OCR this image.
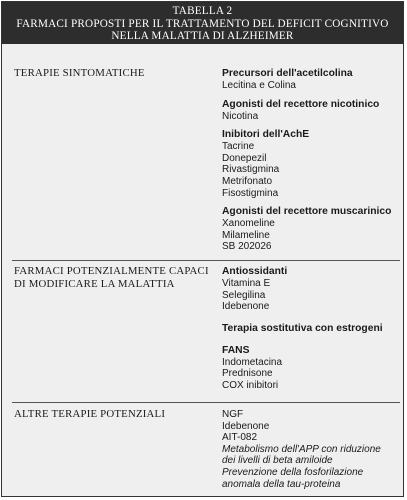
TABELLA 2
FARMACI PROPOSTI PER IL TRATTAMENTO DEL DEFICIT COGNITIVO
NELLA MALATTIA DI ALZHEIMER
TERAPIE SINTOMATICHE	Precursori dell'acetilcolina
Lecitina e Colina
Agonisti del recettore nicotinico
Nicotina
Inibitori dell'AchE
Tacrine
Donepezil
Rivastigmina
Metrifonato
Fisostigmina
Agonisti del recettore muscarinico
Xanomeline
Milameline
SB 202026
FARMACI POTENZIALMENTE CAPACI
DI MODIFICARE LA MALATTIA
Antiossidanti
Vitamina E
Selegilina
Idebenone
Terapia sostitutiva con estrogeni
FANS
Indometacina
Prednisone
COX inibitori
ALTRE TERAPIE POTENZIALI	NGF
Idebenone
AIT-082
Metabolismo dell'APP con riduzione dei livelli di beta amiloide
Prevenzione della fosforilazione anomala della tau-proteina
